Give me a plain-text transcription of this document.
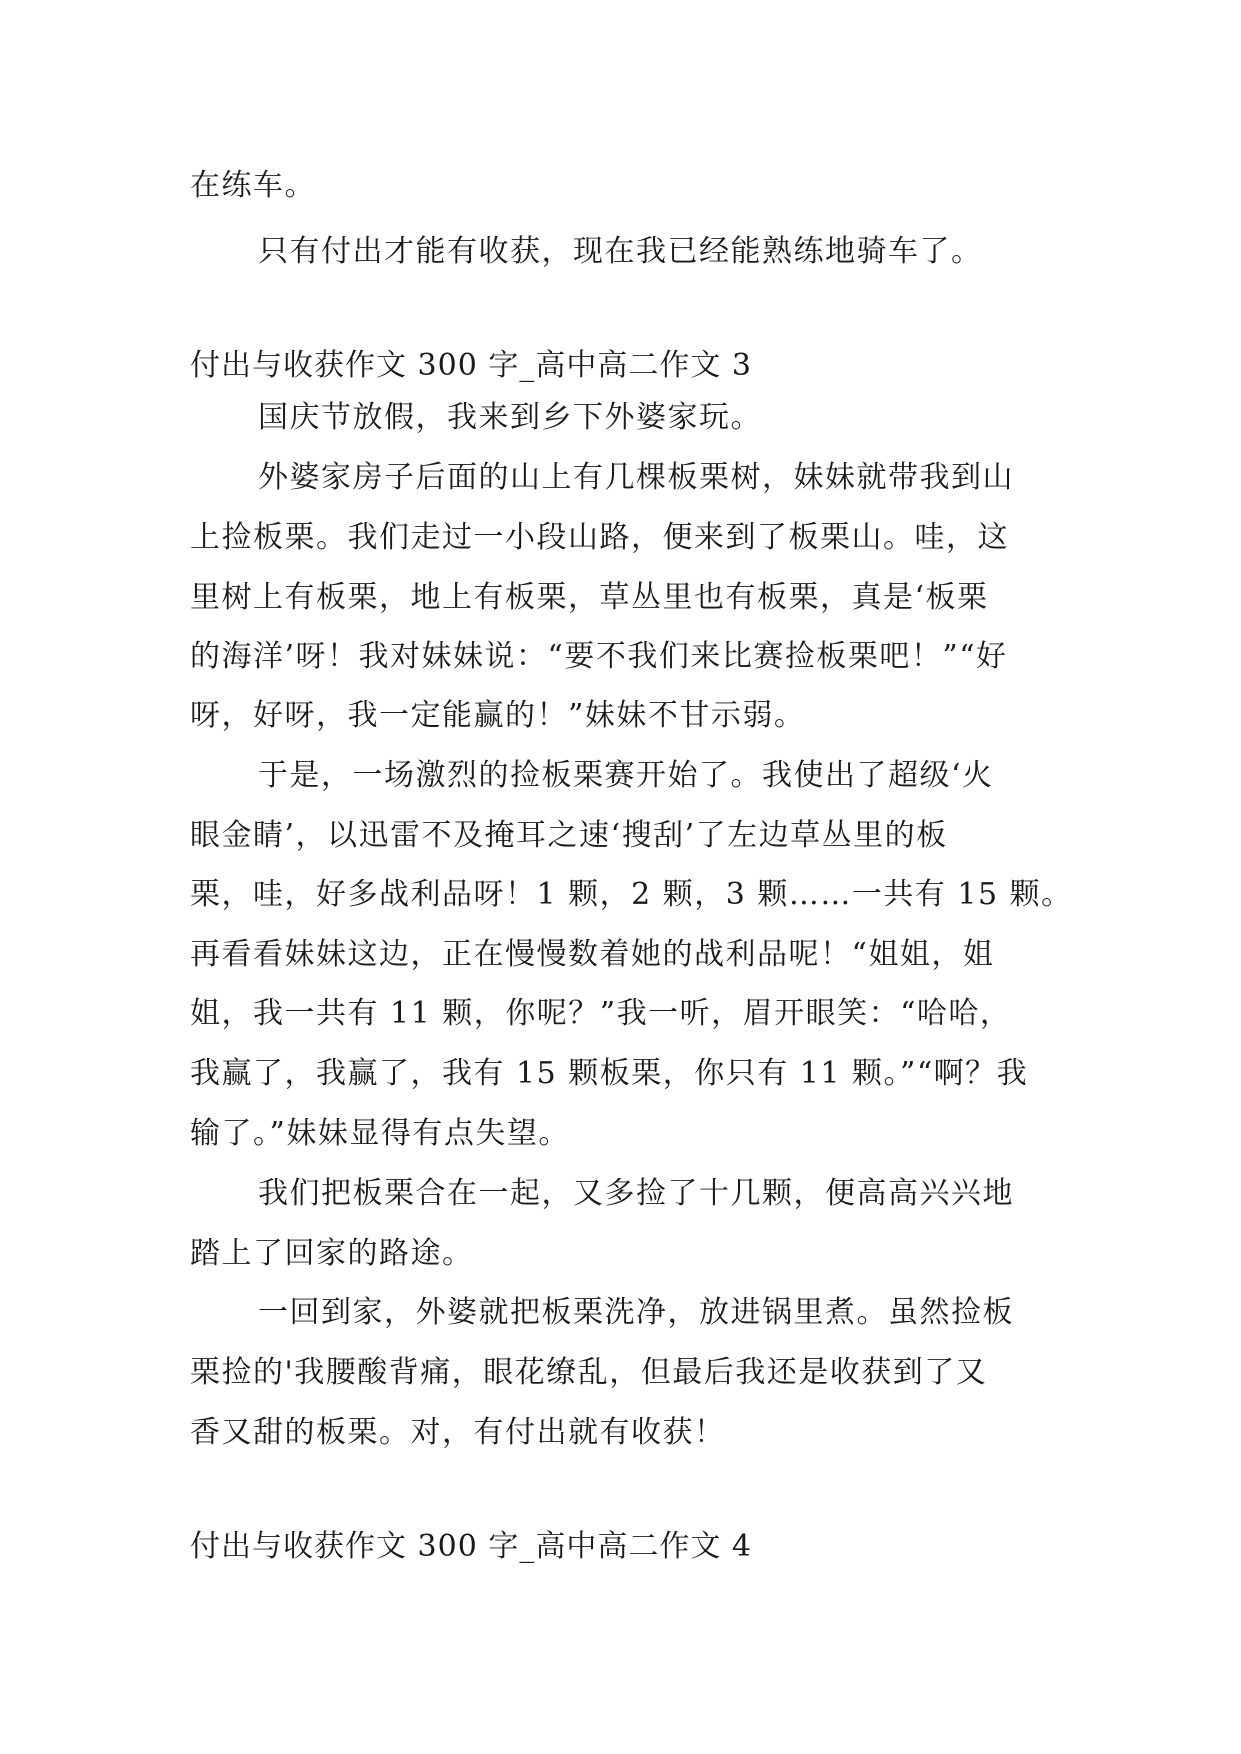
在练车。

只有付出才能有收获，现在我已经能熟练地骑车了。

付出与收获作文 300 字_高中高二作文 3

国庆节放假，我来到乡下外婆家玩。

外婆家房子后面的山上有几棵板栗树，妹妹就带我到山

上捡板栗。我们走过一小段山路，便来到了板栗山。哇，这

里树上有板栗，地上有板栗，草丛里也有板栗，真是‘板栗

的海洋’呀！我对妹妹说：“要不我们来比赛捡板栗吧！”“好

呀，好呀，我一定能赢的！”妹妹不甘示弱。

于是，一场激烈的捡板栗赛开始了。我使出了超级‘火

眼金睛’，以迅雷不及掩耳之速‘搜刮’了左边草丛里的板

栗，哇，好多战利品呀！1 颗，2 颗，3 颗……一共有 15 颗。

再看看妹妹这边，正在慢慢数着她的战利品呢！“姐姐，姐

姐，我一共有 11 颗，你呢？”我一听，眉开眼笑：“哈哈，

我赢了，我赢了，我有 15 颗板栗，你只有 11 颗。”“啊？我

输了。”妹妹显得有点失望。

我们把板栗合在一起，又多捡了十几颗，便高高兴兴地

踏上了回家的路途。

一回到家，外婆就把板栗洗净，放进锅里煮。虽然捡板

栗捡的'我腰酸背痛，眼花缭乱，但最后我还是收获到了又

香又甜的板栗。对，有付出就有收获！

付出与收获作文 300 字_高中高二作文 4
